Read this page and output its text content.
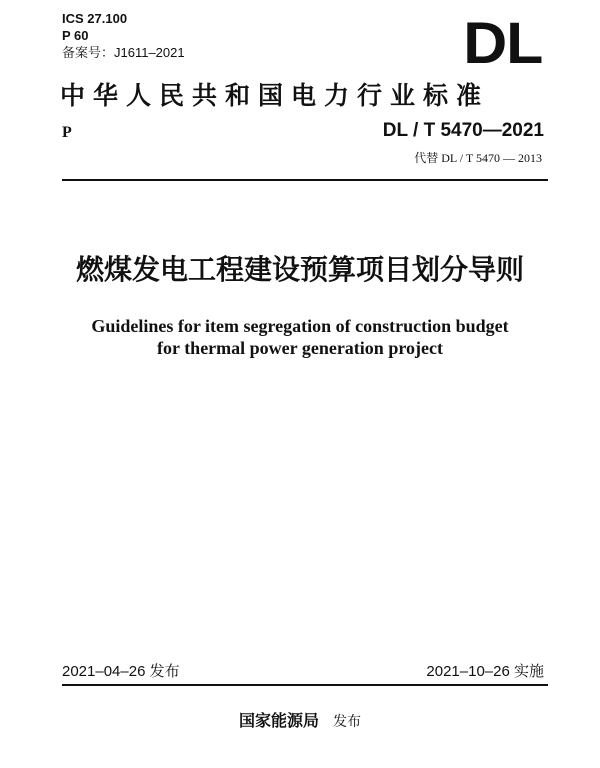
ICS 27.100
P 60
备案号：J1611–2021	DL
中华人民共和国电力行业标准
P	DL / T 5470—2021
代替 DL / T 5470 — 2013
燃煤发电工程建设预算项目划分导则
Guidelines for item segregation of construction budget
for thermal power generation project
2021–04–26 发布	2021–10–26 实施
国家能源局 发布
